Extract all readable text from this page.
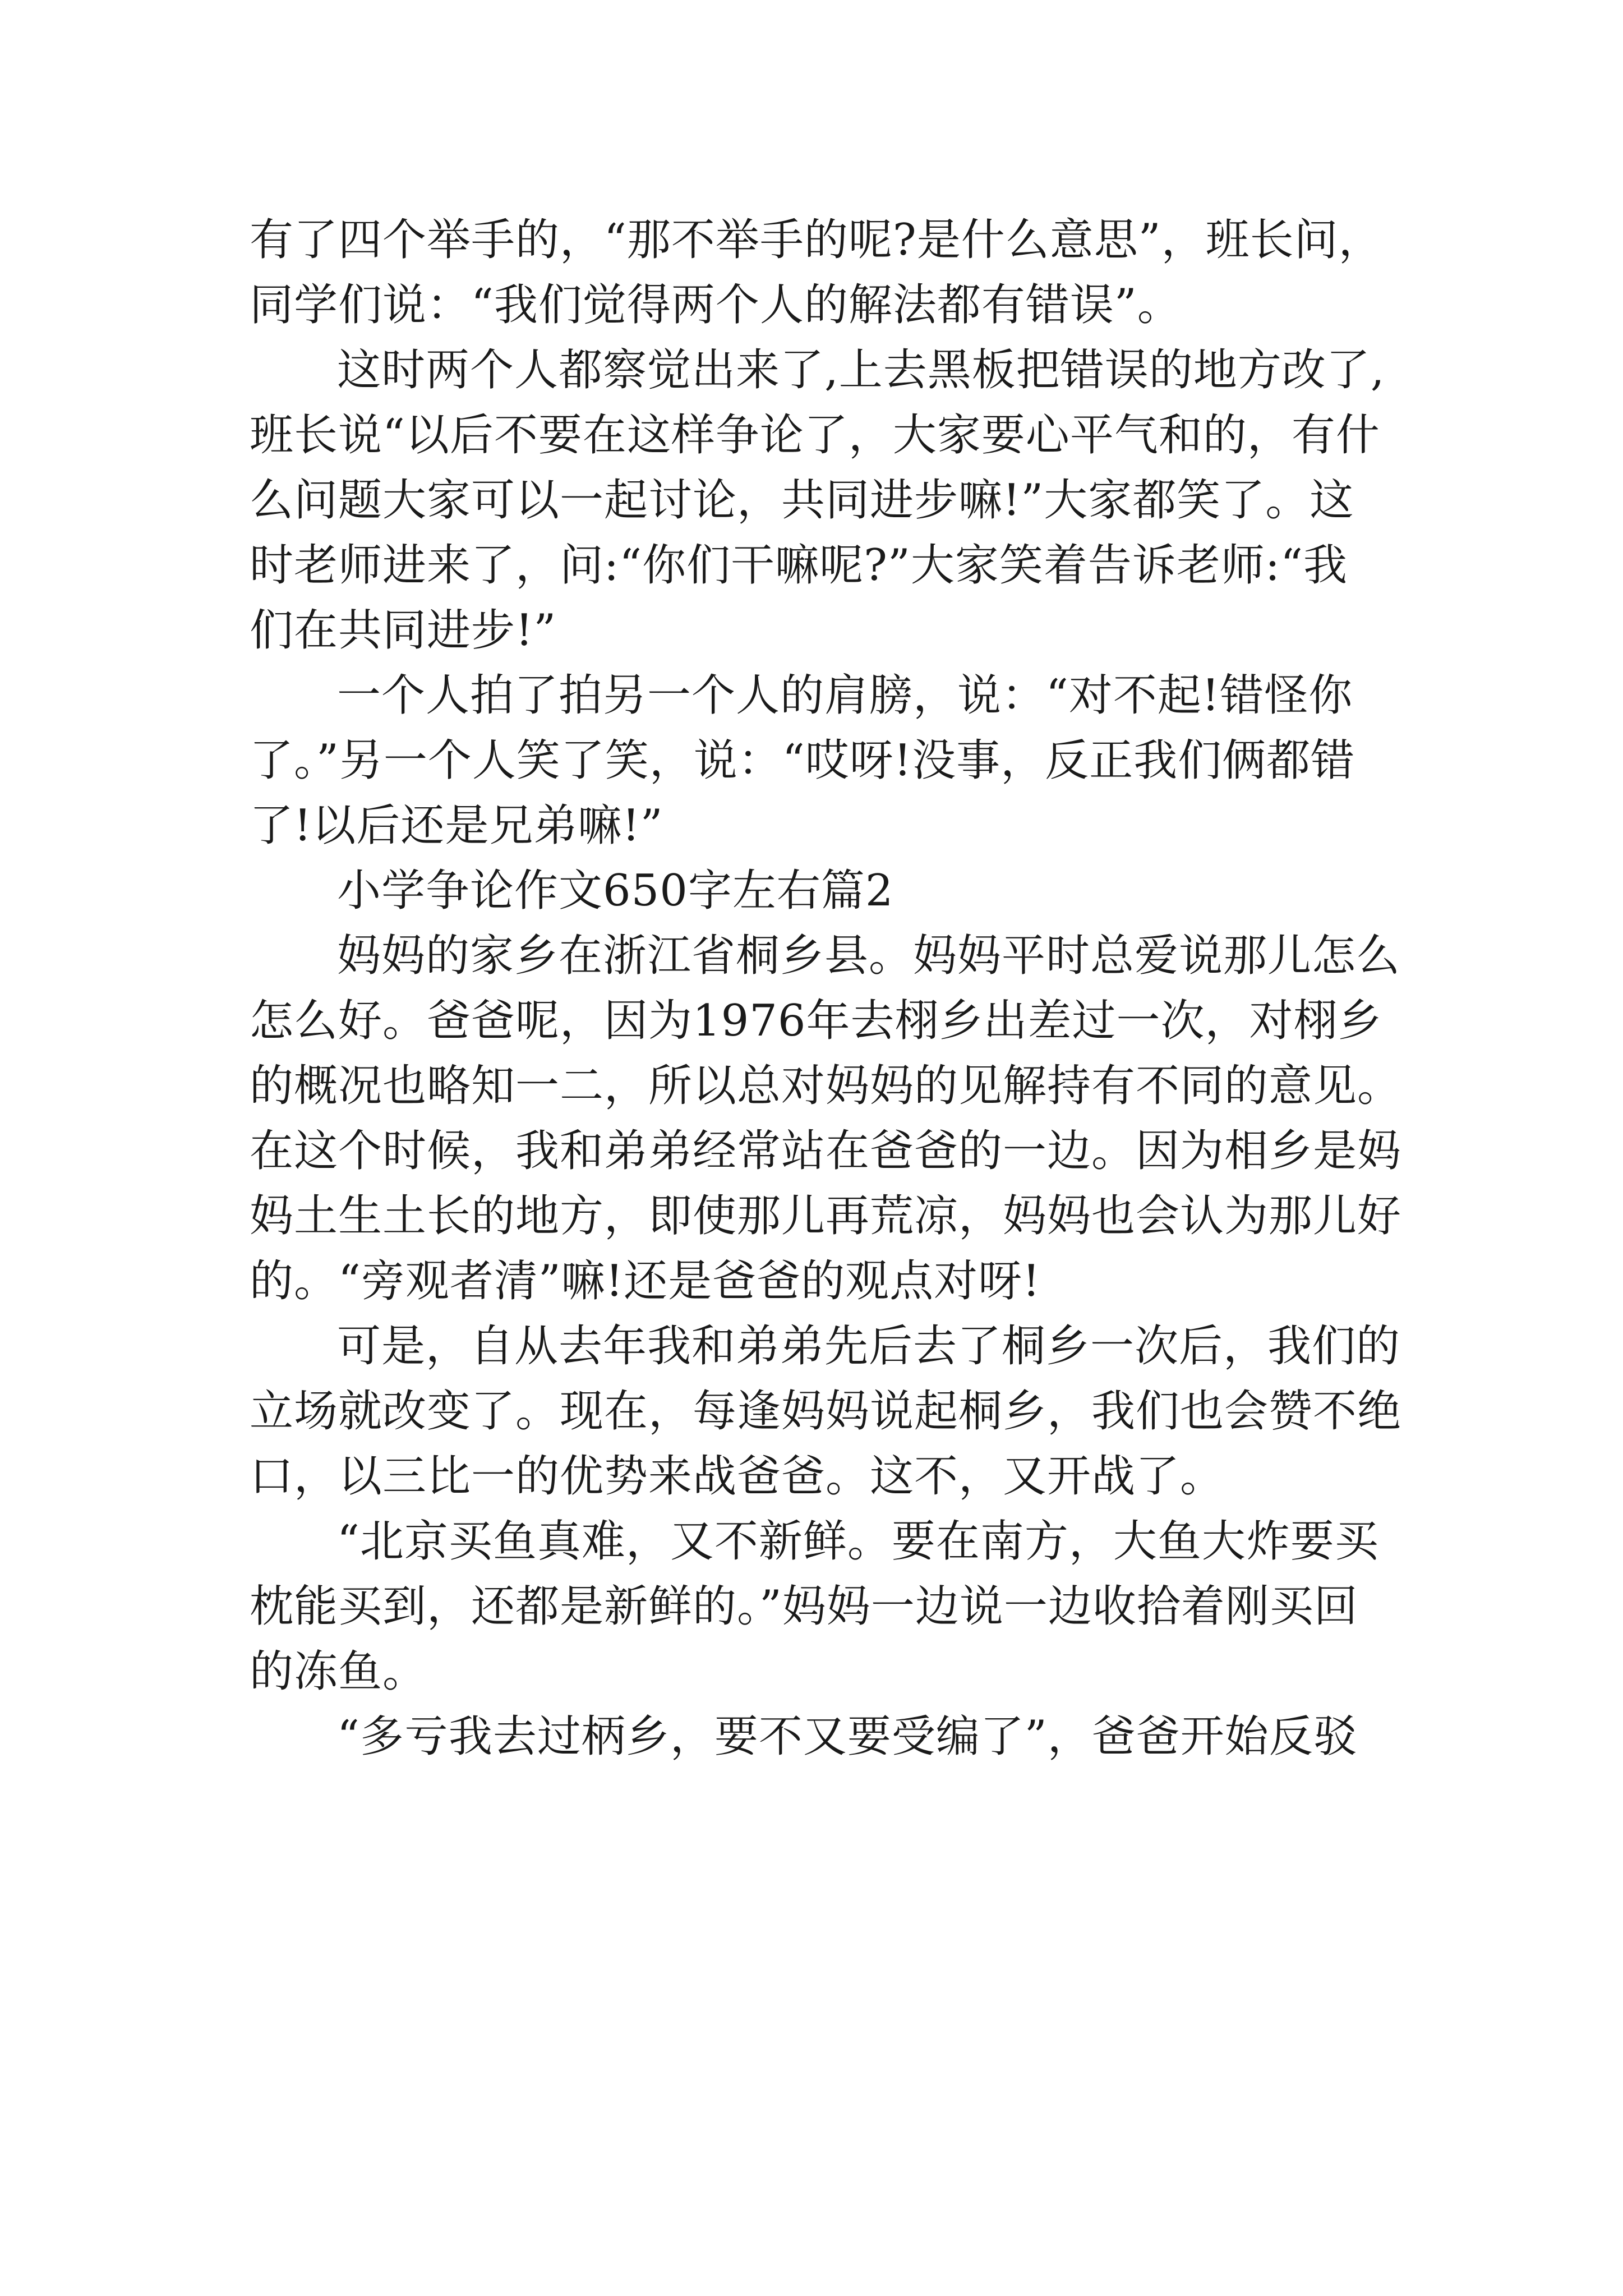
有了四个举手的，“那不举手的呢?是什么意思”，班长问，
同学们说：“我们觉得两个人的解法都有错误”。
这时两个人都察觉出来了,上去黑板把错误的地方改了,
班长说“以后不要在这样争论了，大家要心平气和的，有什
么问题大家可以一起讨论，共同进步嘛!”大家都笑了。这
时老师进来了，问:“你们干嘛呢?”大家笑着告诉老师:“我
们在共同进步!”
一个人拍了拍另一个人的肩膀，说：“对不起!错怪你
了。”另一个人笑了笑，说：“哎呀!没事，反正我们俩都错
了!以后还是兄弟嘛!”
小学争论作文650字左右篇2
妈妈的家乡在浙江省桐乡县。妈妈平时总爱说那儿怎么
怎么好。爸爸呢，因为1976年去栩乡出差过一次，对栩乡
的概况也略知一二，所以总对妈妈的见解持有不同的意见。
在这个时候，我和弟弟经常站在爸爸的一边。因为相乡是妈
妈土生土长的地方，即使那儿再荒凉，妈妈也会认为那儿好
的。“旁观者清”嘛!还是爸爸的观点对呀!
可是，自从去年我和弟弟先后去了桐乡一次后，我们的
立场就改变了。现在，每逢妈妈说起桐乡，我们也会赞不绝
口，以三比一的优势来战爸爸。这不，又开战了。
“北京买鱼真难，又不新鲜。要在南方，大鱼大炸要买
枕能买到，还都是新鲜的。”妈妈一边说一边收拾着刚买回
的冻鱼。
“多亏我去过柄乡，要不又要受编了”，爸爸开始反驳
